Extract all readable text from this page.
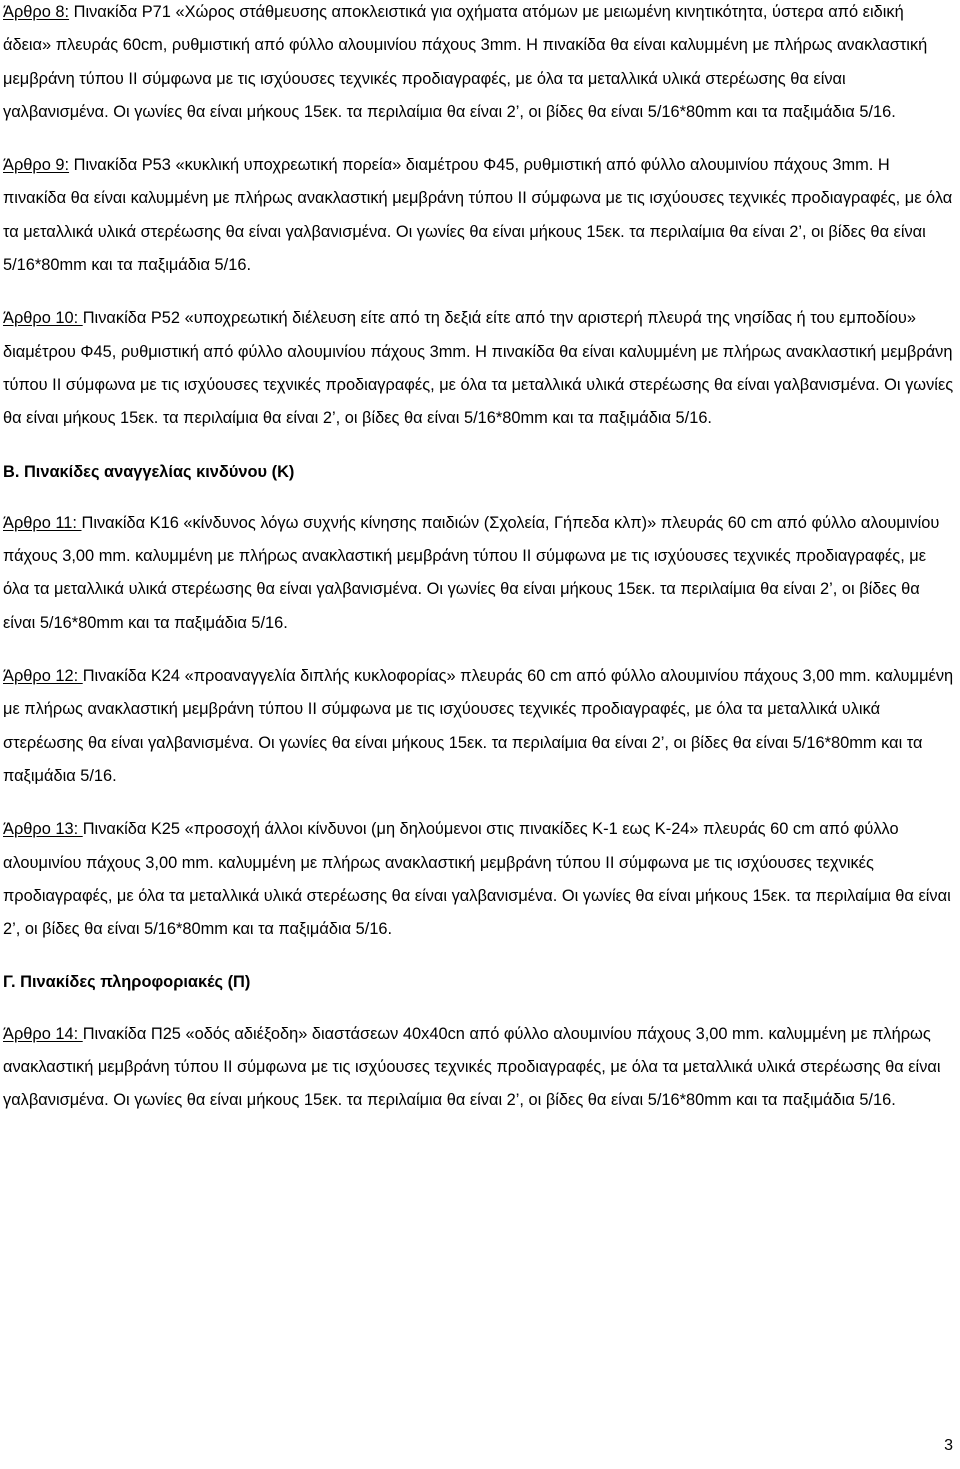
Άρθρο 8: Πινακίδα Ρ71 «Χώρος στάθμευσης αποκλειστικά για οχήματα ατόμων με μειωμένη κινητικότητα, ύστερα από ειδική άδεια» πλευράς 60cm, ρυθμιστική από φύλλο αλουμινίου πάχους 3mm. Η πινακίδα θα είναι καλυμμένη με πλήρως ανακλαστική μεμβράνη τύπου ΙΙ σύμφωνα με τις ισχύουσες τεχνικές προδιαγραφές, με όλα τα μεταλλικά υλικά στερέωσης θα είναι γαλβανισμένα. Οι γωνίες θα είναι μήκους 15εκ. τα περιλαίμια θα είναι 2’, οι βίδες θα είναι 5/16*80mm και τα παξιμάδια 5/16.

Άρθρο 9: Πινακίδα Ρ53 «κυκλική υποχρεωτική πορεία» διαμέτρου Φ45, ρυθμιστική από φύλλο αλουμινίου πάχους 3mm. Η πινακίδα θα είναι καλυμμένη με πλήρως ανακλαστική μεμβράνη τύπου ΙΙ σύμφωνα με τις ισχύουσες τεχνικές προδιαγραφές, με όλα τα μεταλλικά υλικά στερέωσης θα είναι γαλβανισμένα. Οι γωνίες θα είναι μήκους 15εκ. τα περιλαίμια θα είναι 2’, οι βίδες θα είναι 5/16*80mm και τα παξιμάδια 5/16.

Άρθρο 10: Πινακίδα Ρ52 «υποχρεωτική διέλευση είτε από τη δεξιά είτε από την αριστερή πλευρά της νησίδας ή του εμποδίου» διαμέτρου Φ45, ρυθμιστική από φύλλο αλουμινίου πάχους 3mm. Η πινακίδα θα είναι καλυμμένη με πλήρως ανακλαστική μεμβράνη τύπου ΙΙ σύμφωνα με τις ισχύουσες τεχνικές προδιαγραφές, με όλα τα μεταλλικά υλικά στερέωσης θα είναι γαλβανισμένα. Οι γωνίες θα είναι μήκους 15εκ. τα περιλαίμια θα είναι 2’, οι βίδες θα είναι 5/16*80mm και τα παξιμάδια 5/16.

Β. Πινακίδες αναγγελίας κινδύνου (Κ)

Άρθρο 11: Πινακίδα Κ16 «κίνδυνος λόγω συχνής κίνησης παιδιών (Σχολεία, Γήπεδα κλπ)» πλευράς 60 cm από φύλλο αλουμινίου πάχους 3,00 mm. καλυμμένη με πλήρως ανακλαστική μεμβράνη τύπου ΙΙ σύμφωνα με τις ισχύουσες τεχνικές προδιαγραφές, με όλα τα μεταλλικά υλικά στερέωσης θα είναι γαλβανισμένα. Οι γωνίες θα είναι μήκους 15εκ. τα περιλαίμια θα είναι 2’, οι βίδες θα είναι 5/16*80mm και τα παξιμάδια 5/16.

Άρθρο 12: Πινακίδα Κ24 «προαναγγελία διπλής κυκλοφορίας» πλευράς 60 cm από φύλλο αλουμινίου πάχους 3,00 mm. καλυμμένη με πλήρως ανακλαστική μεμβράνη τύπου ΙΙ σύμφωνα με τις ισχύουσες τεχνικές προδιαγραφές, με όλα τα μεταλλικά υλικά στερέωσης θα είναι γαλβανισμένα. Οι γωνίες θα είναι μήκους 15εκ. τα περιλαίμια θα είναι 2’, οι βίδες θα είναι 5/16*80mm και τα παξιμάδια 5/16.

Άρθρο 13: Πινακίδα Κ25 «προσοχή άλλοι κίνδυνοι (μη δηλούμενοι στις πινακίδες Κ-1 εως Κ-24» πλευράς 60 cm από φύλλο αλουμινίου πάχους 3,00 mm. καλυμμένη με πλήρως ανακλαστική μεμβράνη τύπου ΙΙ σύμφωνα με τις ισχύουσες τεχνικές προδιαγραφές, με όλα τα μεταλλικά υλικά στερέωσης θα είναι γαλβανισμένα. Οι γωνίες θα είναι μήκους 15εκ. τα περιλαίμια θα είναι 2’, οι βίδες θα είναι 5/16*80mm και τα παξιμάδια 5/16.

Γ. Πινακίδες πληροφοριακές (Π)

Άρθρο 14: Πινακίδα Π25 «οδός αδιέξοδη» διαστάσεων 40x40cn από φύλλο αλουμινίου πάχους 3,00 mm. καλυμμένη με πλήρως ανακλαστική μεμβράνη τύπου ΙΙ σύμφωνα με τις ισχύουσες τεχνικές προδιαγραφές, με όλα τα μεταλλικά υλικά στερέωσης θα είναι γαλβανισμένα. Οι γωνίες θα είναι μήκους 15εκ. τα περιλαίμια θα είναι 2’, οι βίδες θα είναι 5/16*80mm και τα παξιμάδια 5/16.

3
